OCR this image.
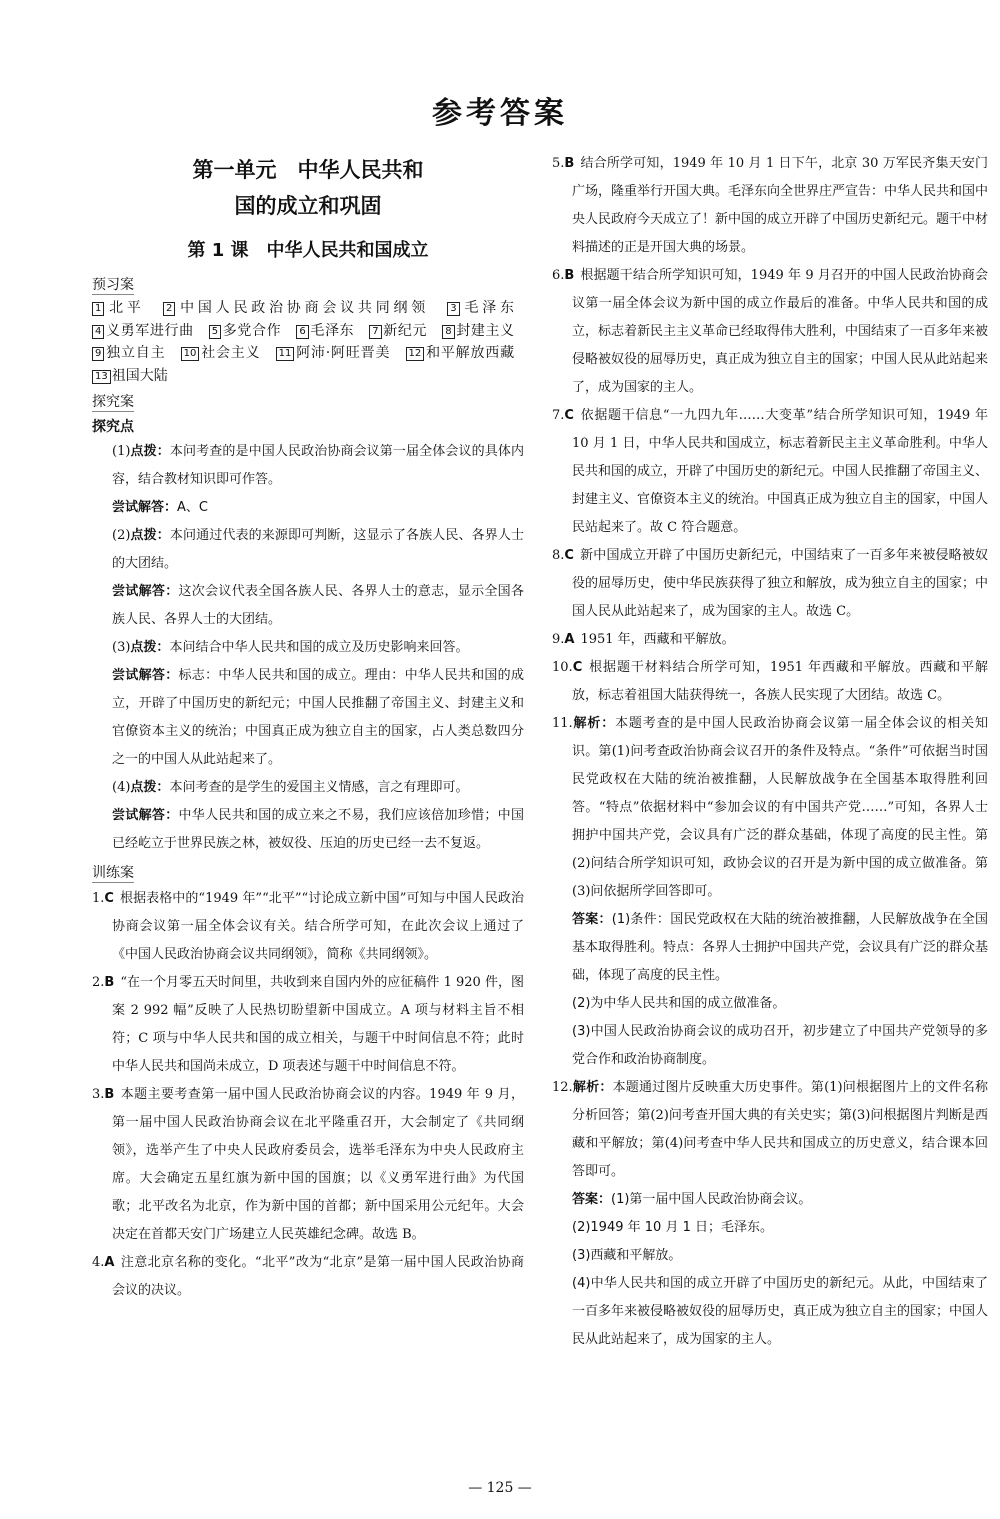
参考答案
第一单元　中华人民共和
国的成立和巩固
第 1 课　中华人民共和国成立
预习案
1 北平 2 中国人民政治协商会议共同纲领 3 毛泽东 4 义勇军进行曲 5 多党合作 6 毛泽东 7 新纪元 8 封建主义 9 独立自主 10 社会主义 11 阿沛·阿旺晋美 12 和平解放西藏 13 祖国大陆
探究案
探究点
(1)点拨：本问考查的是中国人民政治协商会议第一届全体会议的具体内容，结合教材知识即可作答。
尝试解答：A、C
(2)点拨：本问通过代表的来源即可判断，这显示了各族人民、各界人士的大团结。
尝试解答：这次会议代表全国各族人民、各界人士的意志，显示全国各族人民、各界人士的大团结。
(3)点拨：本问结合中华人民共和国的成立及历史影响来回答。
尝试解答：标志：中华人民共和国的成立。理由：中华人民共和国的成立，开辟了中国历史的新纪元；中国人民推翻了帝国主义、封建主义和官僚资本主义的统治；中国真正成为独立自主的国家，占人类总数四分之一的中国人从此站起来了。
(4)点拨：本问考查的是学生的爱国主义情感，言之有理即可。
尝试解答：中华人民共和国的成立来之不易，我们应该倍加珍惜；中国已经屹立于世界民族之林，被奴役、压迫的历史已经一去不复返。
训练案
1.C 根据表格中的“1949 年”“北平”“讨论成立新中国”可知与中国人民政治协商会议第一届全体会议有关。结合所学可知，在此次会议上通过了《中国人民政治协商会议共同纲领》，简称《共同纲领》。
2.B “在一个月零五天时间里，共收到来自国内外的应征稿件 1 920 件，图案 2 992 幅”反映了人民热切盼望新中国成立。A 项与材料主旨不相符；C 项与中华人民共和国的成立相关，与题干中时间信息不符；此时中华人民共和国尚未成立，D 项表述与题干中时间信息不符。
3.B 本题主要考查第一届中国人民政治协商会议的内容。1949 年 9 月，第一届中国人民政治协商会议在北平隆重召开，大会制定了《共同纲领》，选举产生了中央人民政府委员会，选举毛泽东为中央人民政府主席。大会确定五星红旗为新中国的国旗；以《义勇军进行曲》为代国歌；北平改名为北京，作为新中国的首都；新中国采用公元纪年。大会决定在首都天安门广场建立人民英雄纪念碑。故选 B。
4.A 注意北京名称的变化。“北平”改为“北京”是第一届中国人民政治协商会议的决议。
5.B 结合所学可知，1949 年 10 月 1 日下午，北京 30 万军民齐集天安门广场，隆重举行开国大典。毛泽东向全世界庄严宣告：中华人民共和国中央人民政府今天成立了！新中国的成立开辟了中国历史新纪元。题干中材料描述的正是开国大典的场景。
6.B 根据题干结合所学知识可知，1949 年 9 月召开的中国人民政治协商会议第一届全体会议为新中国的成立作最后的准备。中华人民共和国的成立，标志着新民主主义革命已经取得伟大胜利，中国结束了一百多年来被侵略被奴役的屈辱历史，真正成为独立自主的国家；中国人民从此站起来了，成为国家的主人。
7.C 依据题干信息“一九四九年……大变革”结合所学知识可知，1949 年 10 月 1 日，中华人民共和国成立，标志着新民主主义革命胜利。中华人民共和国的成立，开辟了中国历史的新纪元。中国人民推翻了帝国主义、封建主义、官僚资本主义的统治。中国真正成为独立自主的国家，中国人民站起来了。故 C 符合题意。
8.C 新中国成立开辟了中国历史新纪元，中国结束了一百多年来被侵略被奴役的屈辱历史，使中华民族获得了独立和解放，成为独立自主的国家；中国人民从此站起来了，成为国家的主人。故选 C。
9.A 1951 年，西藏和平解放。
10.C 根据题干材料结合所学可知，1951 年西藏和平解放。西藏和平解放，标志着祖国大陆获得统一，各族人民实现了大团结。故选 C。
11.解析：本题考查的是中国人民政治协商会议第一届全体会议的相关知识。第(1)问考查政治协商会议召开的条件及特点。“条件”可依据当时国民党政权在大陆的统治被推翻，人民解放战争在全国基本取得胜利回答。“特点”依据材料中“参加会议的有中国共产党……”可知，各界人士拥护中国共产党，会议具有广泛的群众基础，体现了高度的民主性。第(2)问结合所学知识可知，政协会议的召开是为新中国的成立做准备。第(3)问依据所学回答即可。
答案：(1)条件：国民党政权在大陆的统治被推翻，人民解放战争在全国基本取得胜利。特点：各界人士拥护中国共产党，会议具有广泛的群众基础，体现了高度的民主性。
(2)为中华人民共和国的成立做准备。
(3)中国人民政治协商会议的成功召开，初步建立了中国共产党领导的多党合作和政治协商制度。
12.解析：本题通过图片反映重大历史事件。第(1)问根据图片上的文件名称分析回答；第(2)问考查开国大典的有关史实；第(3)问根据图片判断是西藏和平解放；第(4)问考查中华人民共和国成立的历史意义，结合课本回答即可。
答案：(1)第一届中国人民政治协商会议。
(2)1949 年 10 月 1 日；毛泽东。
(3)西藏和平解放。
(4)中华人民共和国的成立开辟了中国历史的新纪元。从此，中国结束了一百多年来被侵略被奴役的屈辱历史，真正成为独立自主的国家；中国人民从此站起来了，成为国家的主人。
— 125 —
